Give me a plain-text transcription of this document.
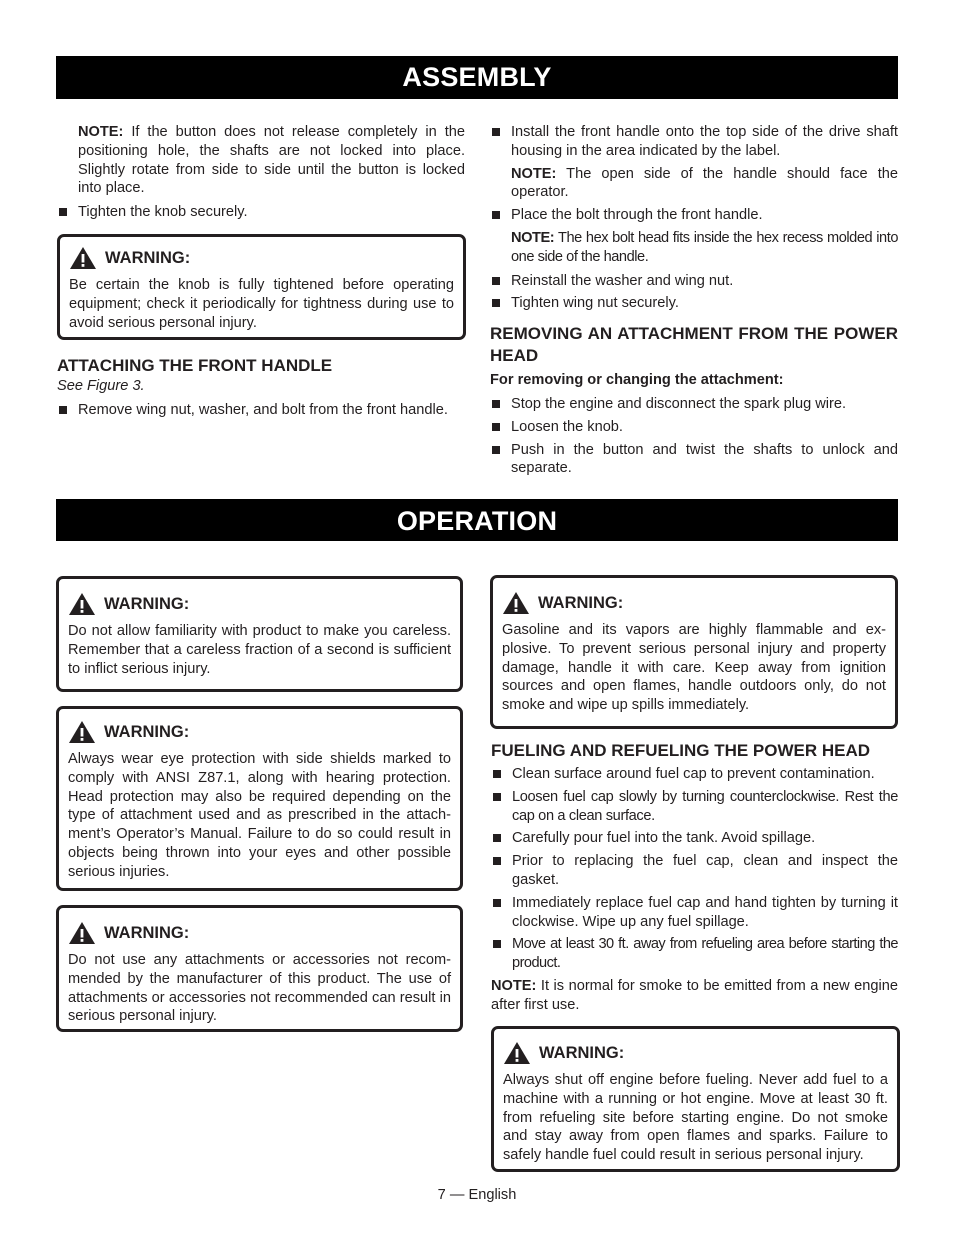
ASSEMBLY

NOTE: If the button does not release completely in the positioning hole, the shafts are not locked into place. Slightly rotate from side to side until the button is locked into place.

Tighten the knob securely.

WARNING:

Be certain the knob is fully tightened before operating equipment; check it periodically for tightness during use to avoid serious personal injury.

ATTACHING THE FRONT HANDLE

See Figure 3.

Remove wing nut, washer, and bolt from the front handle.

Install the front handle onto the top side of the drive shaft housing in the area indicated by the label.

NOTE: The open side of the handle should face the operator.

Place the bolt through the front handle.

NOTE: The hex bolt head fits inside the hex recess molded into one side of the handle.

Reinstall the washer and wing nut.

Tighten wing nut securely.

REMOVING AN ATTACHMENT FROM THE POWER HEAD

For removing or changing the attachment:

Stop the engine and disconnect the spark plug wire.

Loosen the knob.

Push in the button and twist the shafts to unlock and separate.

OPERATION
WARNING:

Do not allow familiarity with product to make you careless. Remember that a careless fraction of a second is sufficient to inflict serious injury.

WARNING:

Always wear eye protection with side shields marked to comply with ANSI Z87.1, along with hearing protection. Head protection may also be required depending on the type of attachment used and as prescribed in the attachment’s Operator’s Manual. Failure to do so could result in objects being thrown into your eyes and other possible serious injuries.

WARNING:

Do not use any attachments or accessories not recommended by the manufacturer of this product. The use of attachments or accessories not recommended can result in serious personal injury.

WARNING:

Gasoline and its vapors are highly flammable and explosive. To prevent serious personal injury and property damage, handle it with care. Keep away from ignition sources and open flames, handle outdoors only, do not smoke and wipe up spills immediately.

FUELING AND REFUELING THE POWER HEAD

Clean surface around fuel cap to prevent contamination.

Loosen fuel cap slowly by turning counterclockwise. Rest the cap on a clean surface.

Carefully pour fuel into the tank. Avoid spillage.

Prior to replacing the fuel cap, clean and inspect the gasket.

Immediately replace fuel cap and hand tighten by turning it clockwise. Wipe up any fuel spillage.

Move at least 30 ft. away from refueling area before starting the product.

NOTE: It is normal for smoke to be emitted from a new engine after first use.

WARNING:

Always shut off engine before fueling. Never add fuel to a machine with a running or hot engine. Move at least 30 ft. from refueling site before starting engine. Do not smoke and stay away from open flames and sparks. Failure to safely handle fuel could result in serious personal injury.

7 — English
